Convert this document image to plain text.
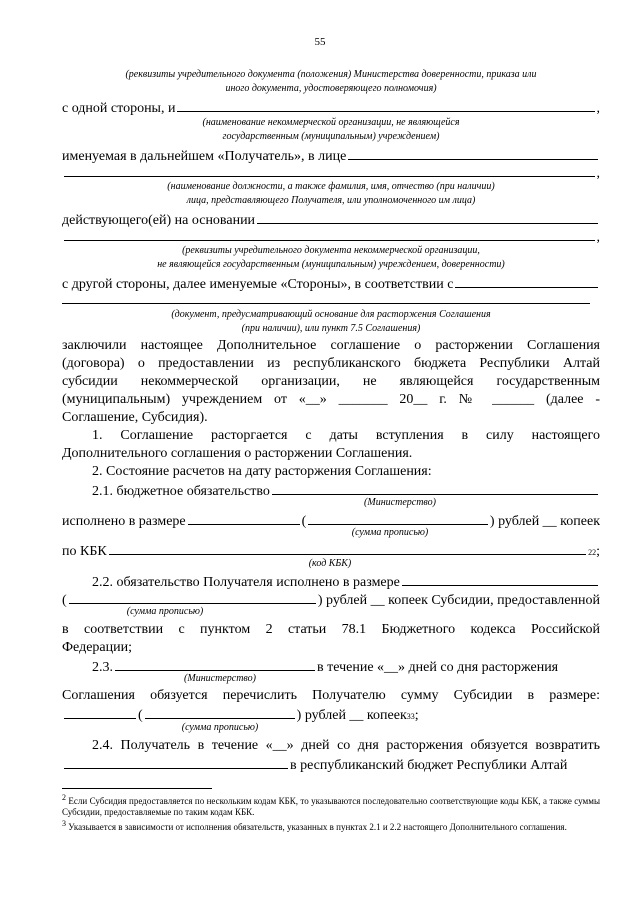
55
(реквизиты учредительного документа (положения) Министерства доверенности, приказа или
иного документа, удостоверяющего полномочия)
с одной стороны, и	,
(наименование некоммерческой организации, не являющейся
государственным (муниципальным) учреждением)
именуемая в дальнейшем «Получатель», в лице
,
(наименование должности, а также фамилия, имя, отчество (при наличии)
лица, представляющего Получателя, или уполномоченного им лица)
действующего(ей) на основании
,
(реквизиты учредительного документа некоммерческой организации,
не являющейся государственным (муниципальным) учреждением, доверенности)
с другой стороны, далее именуемые «Стороны», в соответствии с
(документ, предусматривающий основание для расторжения Соглашения
(при наличии), или пункт 7.5 Соглашения)
заключили настоящее Дополнительное соглашение о расторжении Соглашения
(договора) о предоставлении из республиканского бюджета Республики Алтай
субсидии некоммерческой организации, не являющейся государственным
(муниципальным) учреждением от «__» _______ 20__ г. № ______ (далее -
Соглашение, Субсидия).
1. Соглашение расторгается с даты вступления в силу настоящего
Дополнительного соглашения о расторжении Соглашения.
2. Состояние расчетов на дату расторжения Соглашения:
2.1. бюджетное обязательство
(Министерство)
исполнено в размере	(	) рублей __ копеек
(сумма прописью)
по КБК	22 ;
(код КБК)
2.2. обязательство Получателя исполнено в размере
(	) рублей __ копеек Субсидии, предоставленной
(сумма прописью)
в соответствии с пунктом 2 статьи 78.1 Бюджетного кодекса Российской
Федерации;
2.3.	в течение «__» дней со дня расторжения
(Министерство)
Соглашения обязуется перечислить Получателю сумму Субсидии в размере:
(	) рублей __ копеек 33 ;
(сумма прописью)
2.4. Получатель в течение «__» дней со дня расторжения обязуется возвратить
в республиканский бюджет Республики Алтай
2 Если Субсидия предоставляется по нескольким кодам КБК, то указываются последовательно соответствующие коды КБК, а также суммы Субсидии, предоставляемые по таким кодам КБК.
3 Указывается в зависимости от исполнения обязательств, указанных в пунктах 2.1 и 2.2 настоящего Дополнительного соглашения.
